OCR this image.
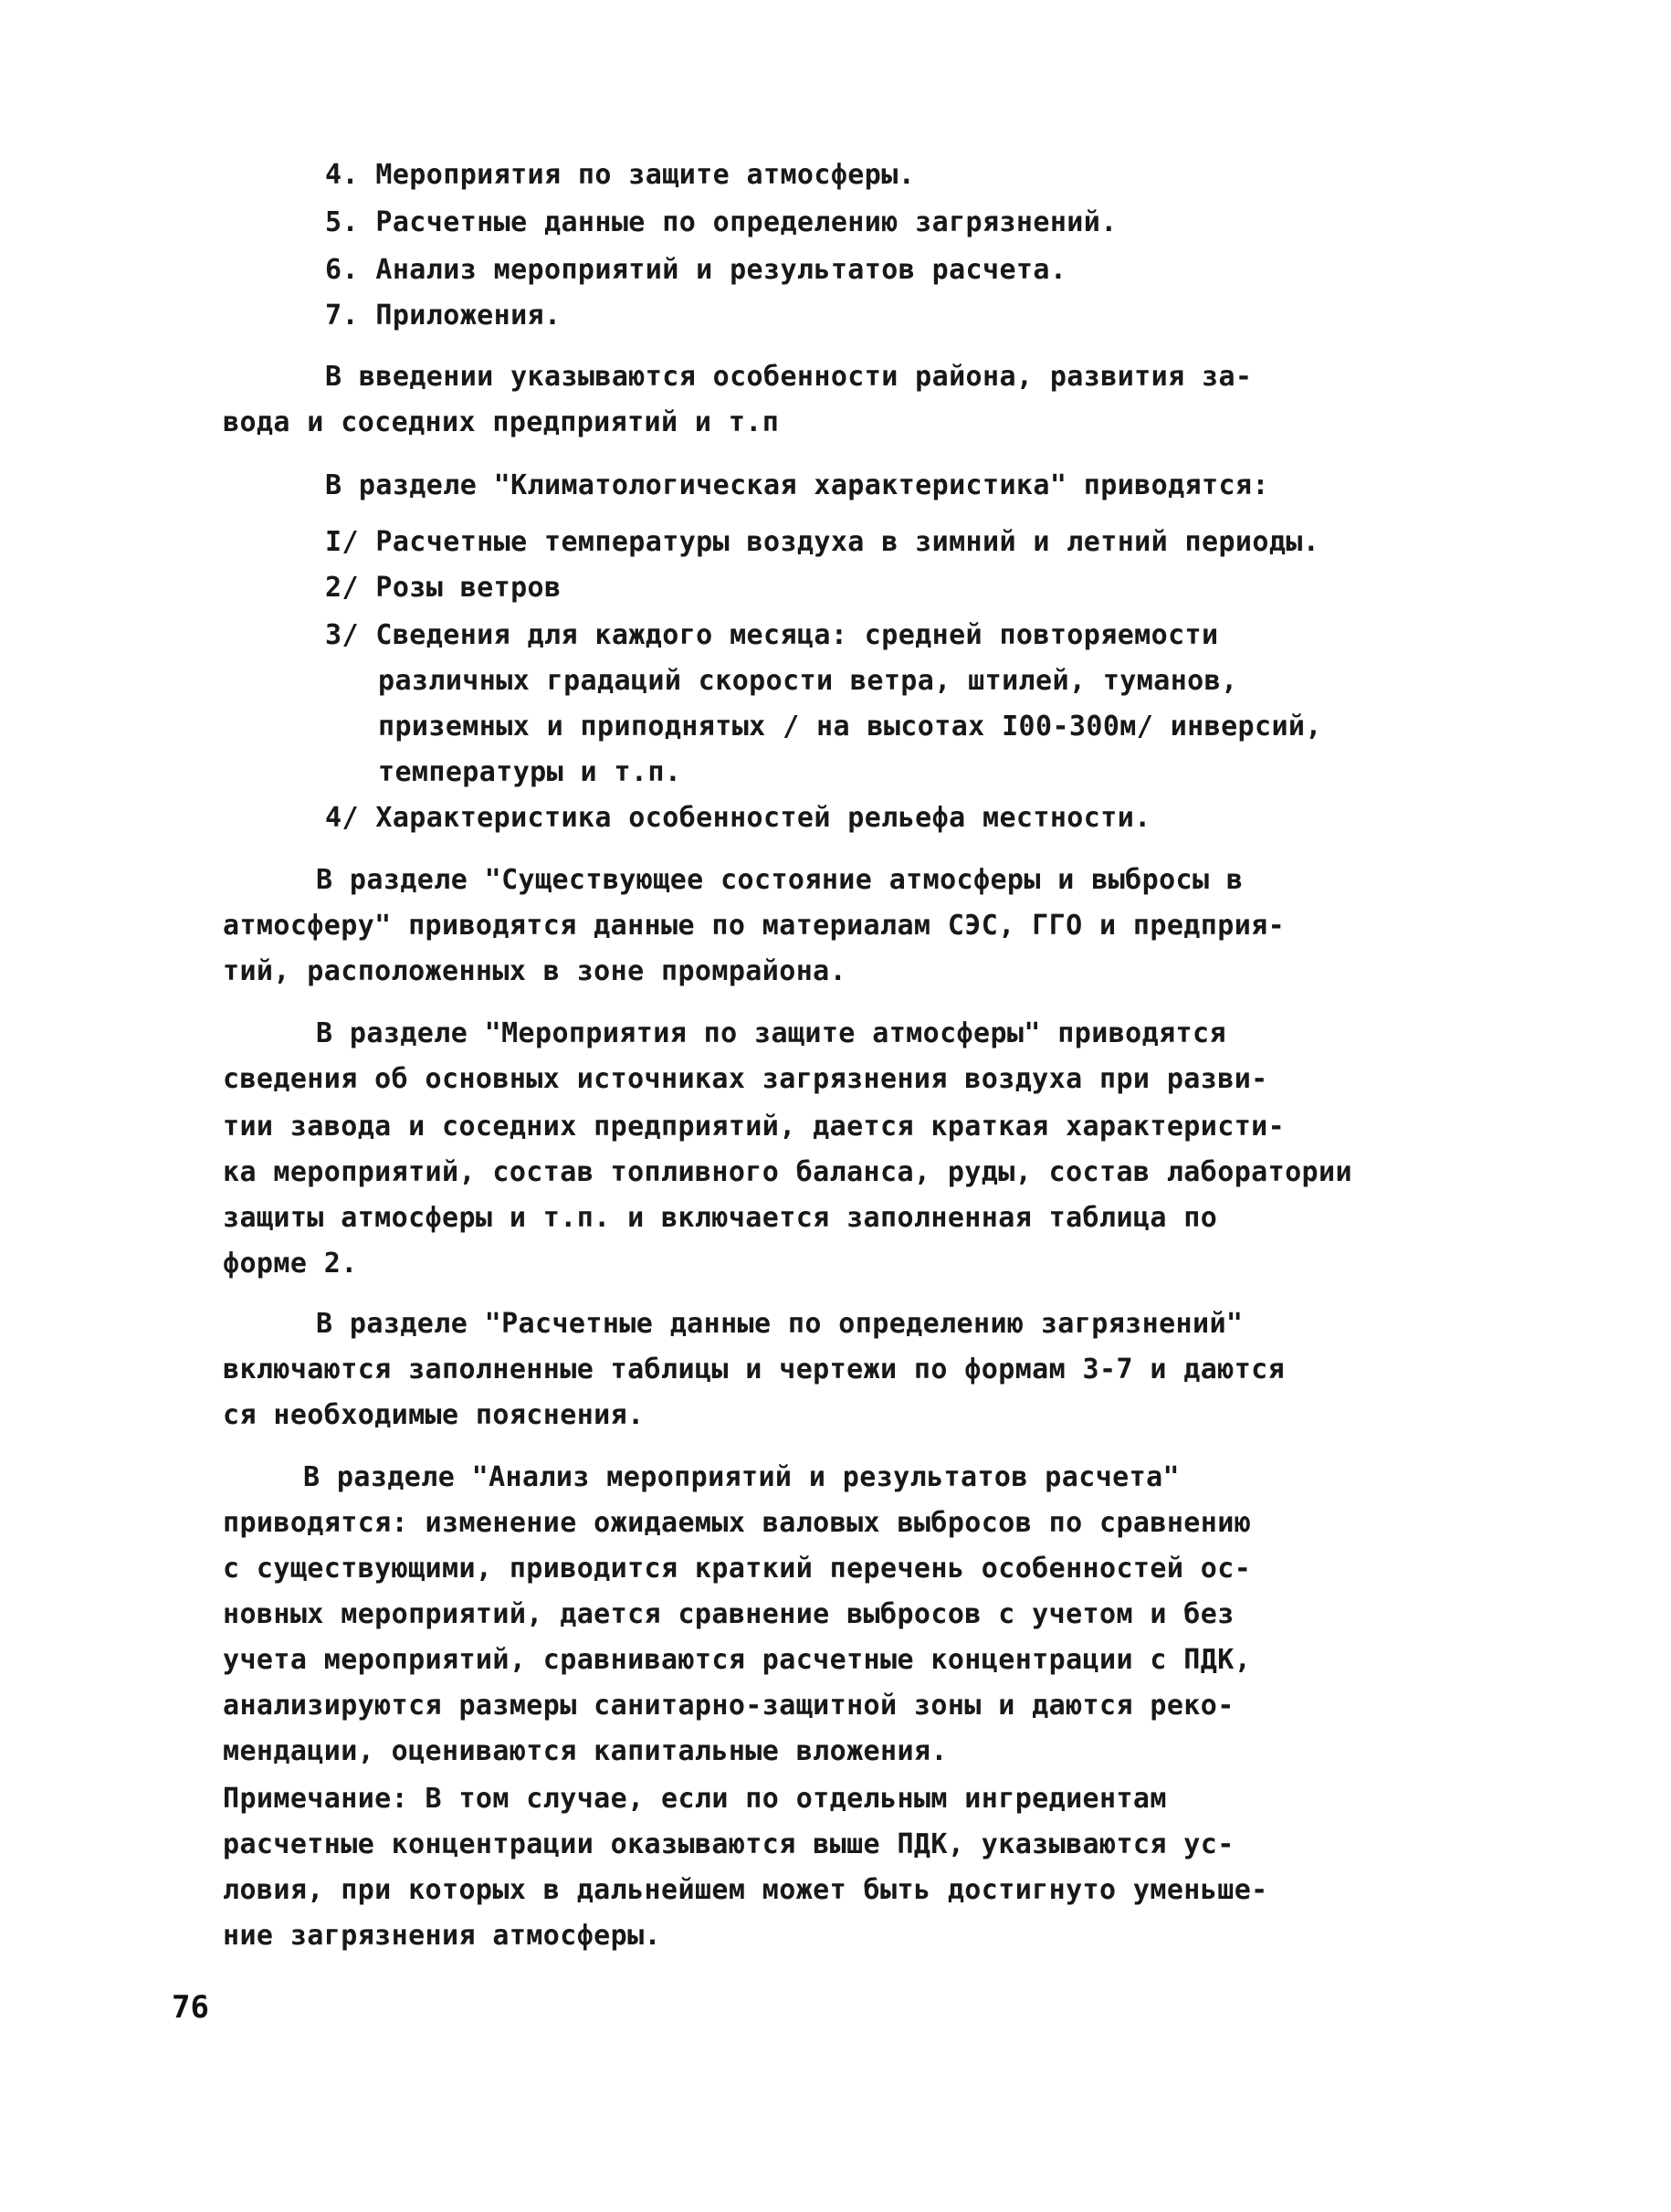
4. Мероприятия по защите атмосферы.
5. Расчетные данные по определению загрязнений.
6. Анализ мероприятий и результатов расчета.
7. Приложения.
В введении указываются особенности района, развития за-
вода и соседних предприятий и т.п
В разделе "Климатологическая характеристика" приводятся:
I/ Расчетные температуры воздуха в зимний и летний периоды.
2/ Розы ветров
3/ Сведения для каждого месяца: средней повторяемости
различных градаций скорости ветра, штилей, туманов,
приземных и приподнятых / на высотах I00-300м/ инверсий,
температуры и т.п.
4/ Характеристика особенностей рельефа местности.
В разделе "Существующее состояние атмосферы и выбросы в
атмосферу" приводятся данные по материалам СЭС, ГГО и предприя-
тий, расположенных в зоне промрайона.
В разделе "Мероприятия по защите атмосферы" приводятся
сведения об основных источниках загрязнения воздуха при разви-
тии завода и соседних предприятий, дается краткая характеристи-
ка мероприятий, состав топливного баланса, руды, состав лаборатории
защиты атмосферы и т.п. и включается заполненная таблица по
форме 2.
В разделе "Расчетные данные по определению загрязнений"
включаются заполненные таблицы и чертежи по формам 3-7 и даются
ся необходимые пояснения.
В разделе "Анализ мероприятий и результатов расчета"
приводятся: изменение ожидаемых валовых выбросов по сравнению
с существующими, приводится краткий перечень особенностей ос-
новных мероприятий, дается сравнение выбросов с учетом и без
учета мероприятий, сравниваются расчетные концентрации с ПДК,
анализируются размеры санитарно-защитной зоны и даются реко-
мендации, оцениваются капитальные вложения.
Примечание: В том случае, если по отдельным ингредиентам
расчетные концентрации оказываются выше ПДК, указываются ус-
ловия, при которых в дальнейшем может быть достигнуто уменьше-
ние загрязнения атмосферы.
76
